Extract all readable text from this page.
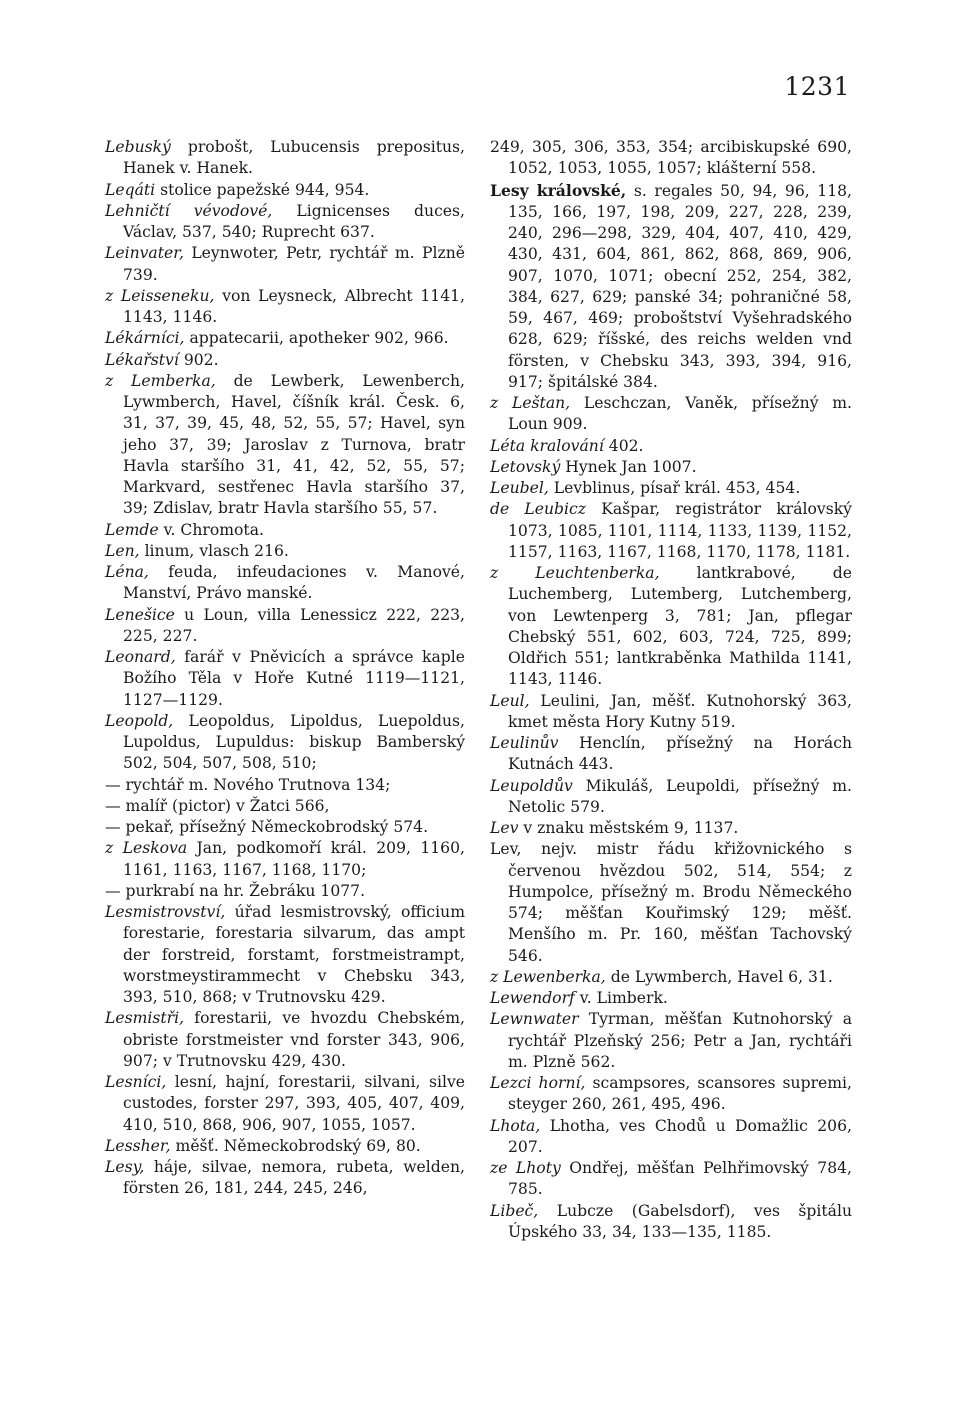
1231

Lebuský probošt, Lubucensis prepositus, Hanek v. Hanek.

Leqáti stolice papežské 944, 954.

Lehničtí vévodové, Lignicenses duces, Václav, 537, 540; Ruprecht 637.

Leinvater, Leynwoter, Petr, rychtář m. Plzně 739.

z Leisseneku, von Leysneck, Albrecht 1141, 1143, 1146.

Lékárníci, appatecarii, apotheker 902, 966.

Lékařství 902.

z Lemberka, de Lewberk, Lewenberch, Lywmberch, Havel, číšník král. Česk. 6, 31, 37, 39, 45, 48, 52, 55, 57; Havel, syn jeho 37, 39; Jaroslav z Turnova, bratr Havla staršího 31, 41, 42, 52, 55, 57; Markvard, sestřenec Havla staršího 37, 39; Zdislav, bratr Havla staršího 55, 57.

Lemde v. Chromota.

Len, linum, vlasch 216.

Léna, feuda, infeudaciones v. Manové, Manství, Právo manské.

Lenešice u Loun, villa Lenessicz 222, 223, 225, 227.

Leonard, farář v Pněvicích a správce kaple Božího Těla v Hoře Kutné 1119—1121, 1127—1129.

Leopold, Leopoldus, Lipoldus, Luepoldus, Lupoldus, Lupuldus: biskup Bamberský 502, 504, 507, 508, 510;

— rychtář m. Nového Trutnova 134;

— malíř (pictor) v Žatci 566,

— pekař, přísežný Německobrodský 574.

z Leskova Jan, podkomoří král. 209, 1160, 1161, 1163, 1167, 1168, 1170;

— purkrabí na hr. Žebráku 1077.

Lesmistrovství, úřad lesmistrovský, officium forestarie, forestaria silvarum, das ampt der forstreid, forstamt, forstmeistrampt, worstmeystirammecht v Chebsku 343, 393, 510, 868; v Trutnovsku 429.

Lesmistři, forestarii, ve hvozdu Chebském, obriste forstmeister vnd forster 343, 906, 907; v Trutnovsku 429, 430.

Lesníci, lesní, hajní, forestarii, silvani, silve custodes, forster 297, 393, 405, 407, 409, 410, 510, 868, 906, 907, 1055, 1057.

Lessher, měšť. Německobrodský 69, 80.

Lesy, háje, silvae, nemora, rubeta, welden, försten 26, 181, 244, 245, 246,

249, 305, 306, 353, 354; arcibiskupské 690, 1052, 1053, 1055, 1057; klášterní 558.

Lesy královské, s. regales 50, 94, 96, 118, 135, 166, 197, 198, 209, 227, 228, 239, 240, 296—298, 329, 404, 407, 410, 429, 430, 431, 604, 861, 862, 868, 869, 906, 907, 1070, 1071; obecní 252, 254, 382, 384, 627, 629; panské 34; pohraničné 58, 59, 467, 469; proboštství Vyšehradského 628, 629; říšské, des reichs welden vnd försten, v Chebsku 343, 393, 394, 916, 917; špitálské 384.

z Leštan, Leschczan, Vaněk, přísežný m. Loun 909.

Léta kralování 402.

Letovský Hynek Jan 1007.

Leubel, Levblinus, písař král. 453, 454.

de Leubicz Kašpar, registrátor královský 1073, 1085, 1101, 1114, 1133, 1139, 1152, 1157, 1163, 1167, 1168, 1170, 1178, 1181.

z Leuchtenberka, lantkrabové, de Luchemberg, Lutemberg, Lutchemberg, von Lewtenperg 3, 781; Jan, pflegar Chebský 551, 602, 603, 724, 725, 899; Oldřich 551; lantkraběnka Mathilda 1141, 1143, 1146.

Leul, Leulini, Jan, měšť. Kutnohorský 363, kmet města Hory Kutny 519.

Leulinův Henclín, přísežný na Horách Kutnách 443.

Leupoldův Mikuláš, Leupoldi, přísežný m. Netolic 579.

Lev v znaku městském 9, 1137.

Lev, nejv. mistr řádu křižovnického s červenou hvězdou 502, 514, 554; z Humpolce, přísežný m. Brodu Německého 574; měšťan Kouřimský 129; měšť. Menšího m. Pr. 160, měšťan Tachovský 546.

z Lewenberka, de Lywmberch, Havel 6, 31.

Lewendorf v. Limberk.

Lewnwater Tyrman, měšťan Kutnohorský a rychtář Plzeňský 256; Petr a Jan, rychtáři m. Plzně 562.

Lezci horní, scampsores, scansores supremi, steyger 260, 261, 495, 496.

Lhota, Lhotha, ves Chodů u Domažlic 206, 207.

ze Lhoty Ondřej, měšťan Pelhřimovský 784, 785.

Libeč, Lubcze (Gabelsdorf), ves špitálu Úpského 33, 34, 133—135, 1185.
